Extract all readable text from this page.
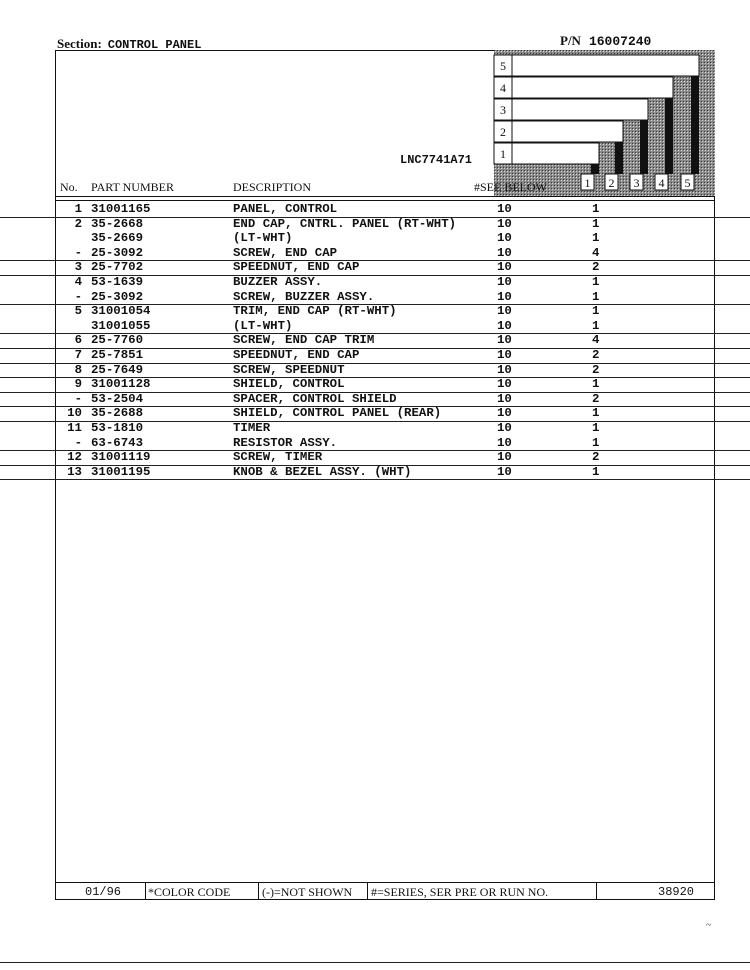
Section: CONTROL PANEL	P/N 16007240
5
4
3
2
1
1 2 3 4 5
LNC7741A71
No. PART NUMBER	DESCRIPTION	#SEE BELOW
1 31001165	PANEL, CONTROL	10	1
2 35-2668	END CAP, CNTRL. PANEL (RT-WHT)	10	1
35-2669	(LT-WHT)	10	1
- 25-3092	SCREW, END CAP	10	4
3 25-7702	SPEEDNUT, END CAP	10	2
4 53-1639	BUZZER ASSY.	10	1
- 25-3092	SCREW, BUZZER ASSY.	10	1
5 31001054	TRIM, END CAP (RT-WHT)	10	1
31001055	(LT-WHT)	10	1
6 25-7760	SCREW, END CAP TRIM	10	4
7 25-7851	SPEEDNUT, END CAP	10	2
8 25-7649	SCREW, SPEEDNUT	10	2
9 31001128	SHIELD, CONTROL	10	1
- 53-2504	SPACER, CONTROL SHIELD	10	2
10 35-2688	SHIELD, CONTROL PANEL (REAR)	10	1
11 53-1810	TIMER	10	1
- 63-6743	RESISTOR ASSY.	10	1
12 31001119	SCREW, TIMER	10	2
13 31001195	KNOB & BEZEL ASSY. (WHT)	10	1
01/96 *COLOR CODE	(-)=NOT SHOWN #=SERIES, SER PRE OR RUN NO.	38920
~
